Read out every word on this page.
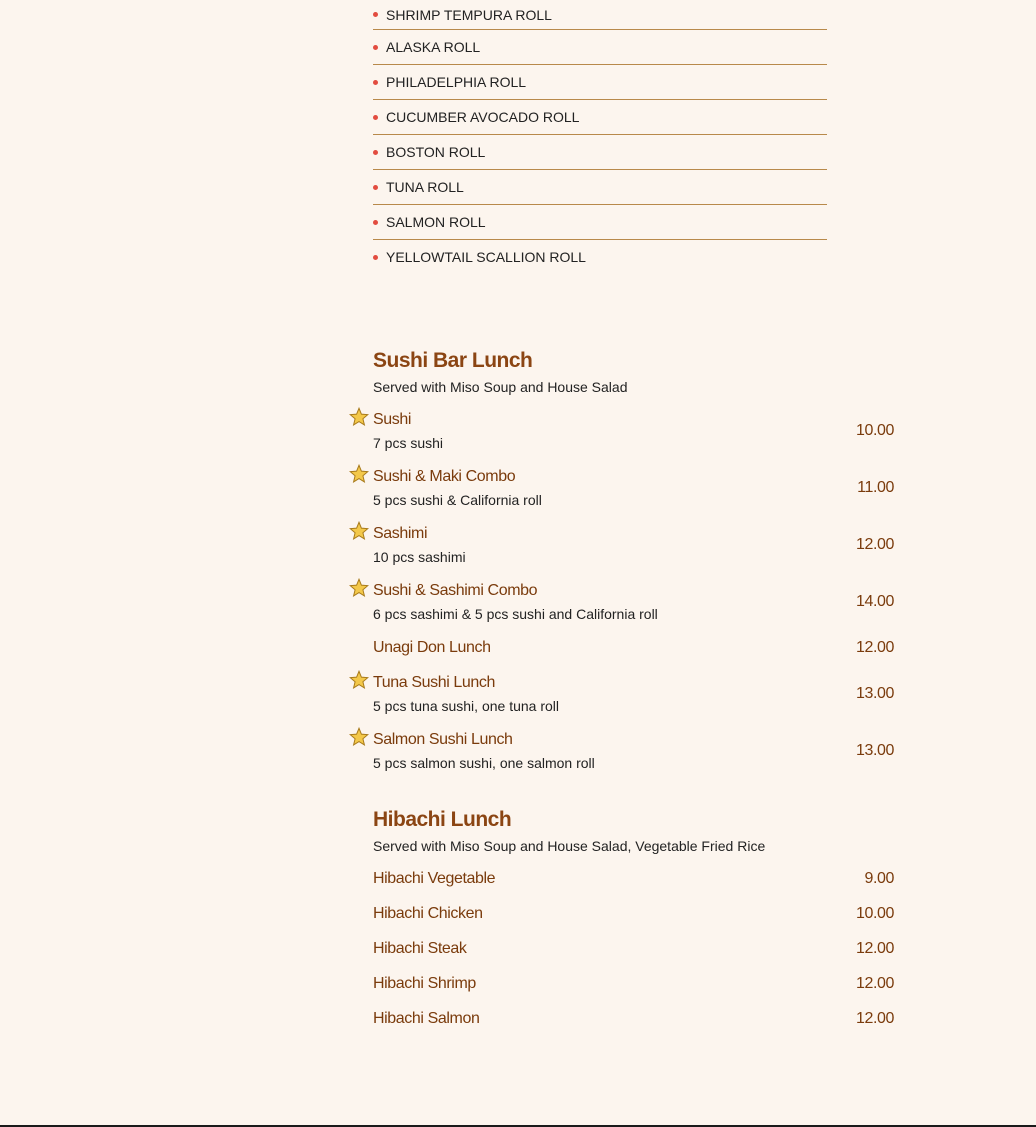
SHRIMP TEMPURA ROLL
ALASKA ROLL
PHILADELPHIA ROLL
CUCUMBER AVOCADO ROLL
BOSTON ROLL
TUNA ROLL
SALMON ROLL
YELLOWTAIL SCALLION ROLL
Sushi Bar Lunch

Served with Miso Soup and House Salad

Sushi
7 pcs sushi
10.00
Sushi & Maki Combo
5 pcs sushi & California roll
11.00
Sashimi
10 pcs sashimi
12.00
Sushi & Sashimi Combo
6 pcs sashimi & 5 pcs sushi and California roll
14.00
Unagi Don Lunch	12.00
Tuna Sushi Lunch
5 pcs tuna sushi, one tuna roll
13.00
Salmon Sushi Lunch
5 pcs salmon sushi, one salmon roll
13.00
Hibachi Lunch

Served with Miso Soup and House Salad, Vegetable Fried Rice

Hibachi Vegetable	9.00
Hibachi Chicken	10.00
Hibachi Steak	12.00
Hibachi Shrimp	12.00
Hibachi Salmon	12.00
